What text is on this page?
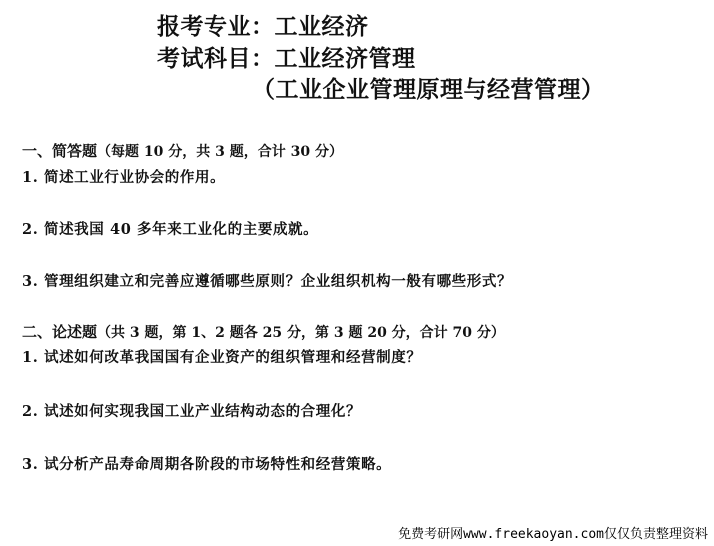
报考专业：工业经济
考试科目：工业经济管理
（工业企业管理原理与经营管理）
一、简答题（每题 10 分，共 3 题，合计 30 分）
1. 简述工业行业协会的作用。
2. 简述我国 40 多年来工业化的主要成就。
3. 管理组织建立和完善应遵循哪些原则？企业组织机构一般有哪些形式？
二、论述题（共 3 题，第 1、2 题各 25 分，第 3 题 20 分，合计 70 分）
1. 试述如何改革我国国有企业资产的组织管理和经营制度？
2. 试述如何实现我国工业产业结构动态的合理化？
3. 试分析产品寿命周期各阶段的市场特性和经营策略。
免费考研网www.freekaoyan.com仅仅负责整理资料
